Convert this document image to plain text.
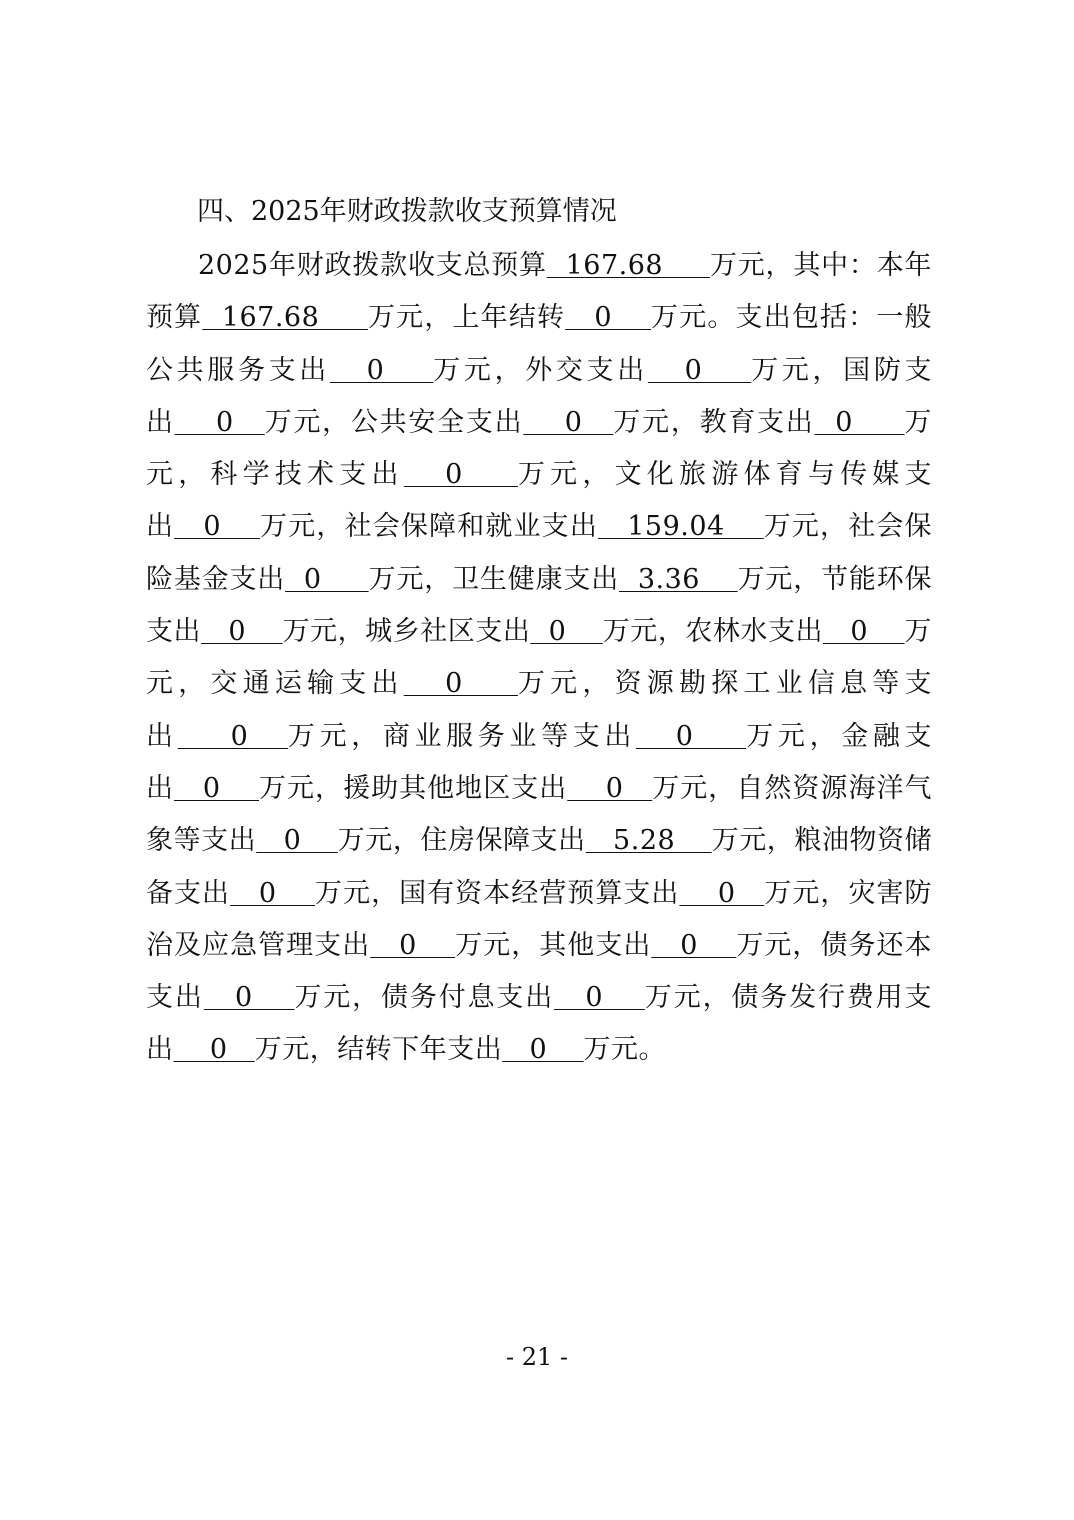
四、2025年财政拨款收支预算情况

2025年财政拨款收支总预算  167.68     万元，其中：本年预算  167.68     万元，上年结转   0    万元。支出包括：一般公共服务支出   0    万元，外交支出   0    万元，国防支出    0   万元，公共安全支出    0   万元，教育支出  0     万元，科学技术支出   0    万元，文化旅游体育与传媒支出   0    万元，社会保障和就业支出   159.04    万元，社会保险基金支出  0     万元，卫生健康支出  3.36    万元，节能环保支出   0    万元，城乡社区支出  0    万元，农林水支出   0    万元，交通运输支出   0    万元，资源勘探工业信息等支出    0   万元，商业服务业等支出   0    万元，金融支出   0    万元，援助其他地区支出    0   万元，自然资源海洋气象等支出   0    万元，住房保障支出   5.28    万元，粮油物资储备支出   0    万元，国有资本经营预算支出    0   万元，灾害防治及应急管理支出   0    万元，其他支出   0    万元，债务还本支出   0    万元，债务付息支出   0    万元，债务发行费用支出    0   万元，结转下年支出   0    万元。

- 21 -
